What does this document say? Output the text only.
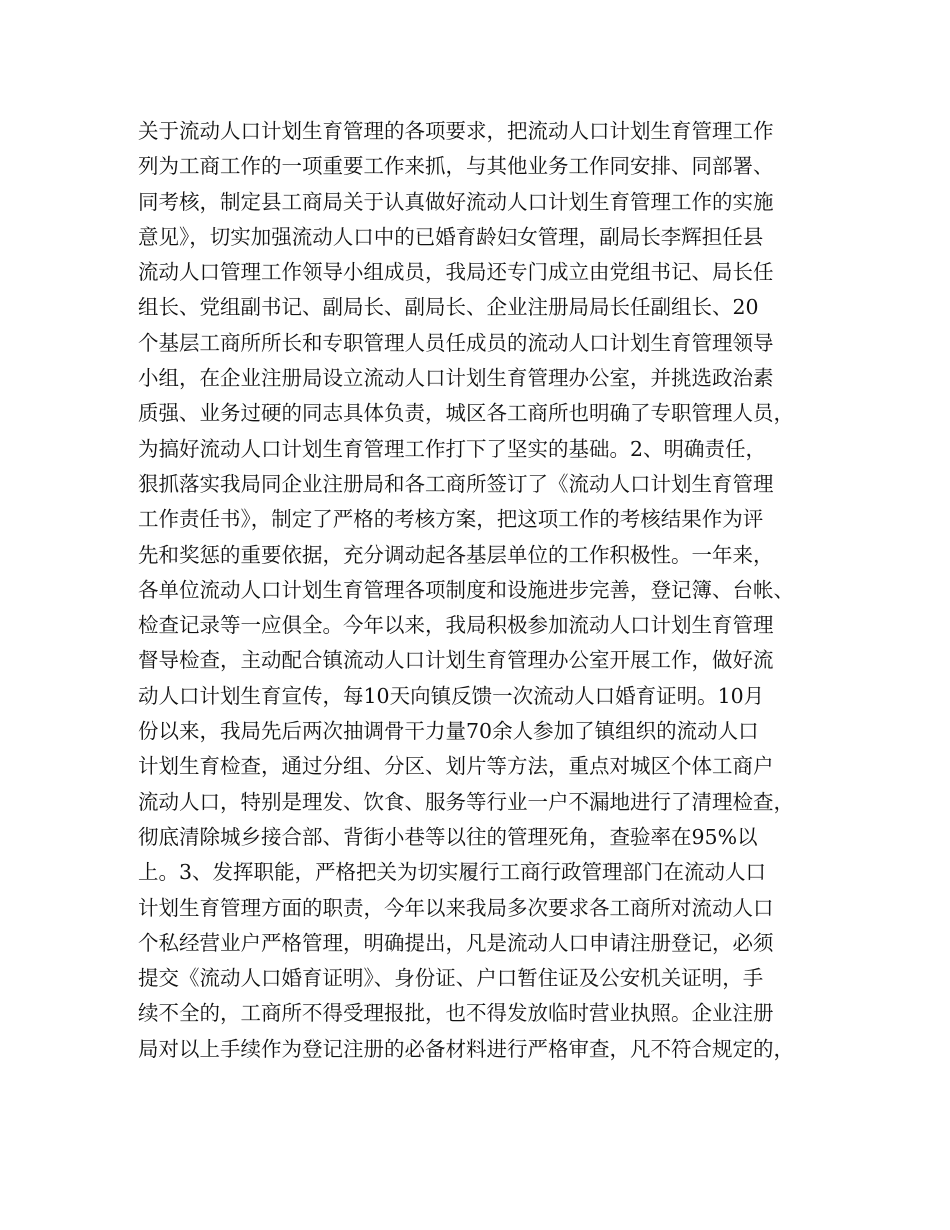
关于流动人口计划生育管理的各项要求，把流动人口计划生育管理工作
列为工商工作的一项重要工作来抓，与其他业务工作同安排、同部署、
同考核，制定县工商局关于认真做好流动人口计划生育管理工作的实施
意见》，切实加强流动人口中的已婚育龄妇女管理，副局长李辉担任县
流动人口管理工作领导小组成员，我局还专门成立由党组书记、局长任
组长、党组副书记、副局长、副局长、企业注册局局长任副组长、20
个基层工商所所长和专职管理人员任成员的流动人口计划生育管理领导
小组，在企业注册局设立流动人口计划生育管理办公室，并挑选政治素
质强、业务过硬的同志具体负责，城区各工商所也明确了专职管理人员，
为搞好流动人口计划生育管理工作打下了坚实的基础。2、明确责任，
狠抓落实我局同企业注册局和各工商所签订了《流动人口计划生育管理
工作责任书》，制定了严格的考核方案，把这项工作的考核结果作为评
先和奖惩的重要依据，充分调动起各基层单位的工作积极性。一年来，
各单位流动人口计划生育管理各项制度和设施进步完善，登记簿、台帐、
检查记录等一应俱全。今年以来，我局积极参加流动人口计划生育管理
督导检查，主动配合镇流动人口计划生育管理办公室开展工作，做好流
动人口计划生育宣传，每10天向镇反馈一次流动人口婚育证明。10月
份以来，我局先后两次抽调骨干力量70余人参加了镇组织的流动人口
计划生育检查，通过分组、分区、划片等方法，重点对城区个体工商户
流动人口，特别是理发、饮食、服务等行业一户不漏地进行了清理检查，
彻底清除城乡接合部、背街小巷等以往的管理死角，查验率在95%以
上。3、发挥职能，严格把关为切实履行工商行政管理部门在流动人口
计划生育管理方面的职责，今年以来我局多次要求各工商所对流动人口
个私经营业户严格管理，明确提出，凡是流动人口申请注册登记，必须
提交《流动人口婚育证明》、身份证、户口暂住证及公安机关证明，手
续不全的，工商所不得受理报批，也不得发放临时营业执照。企业注册
局对以上手续作为登记注册的必备材料进行严格审查，凡不符合规定的，
